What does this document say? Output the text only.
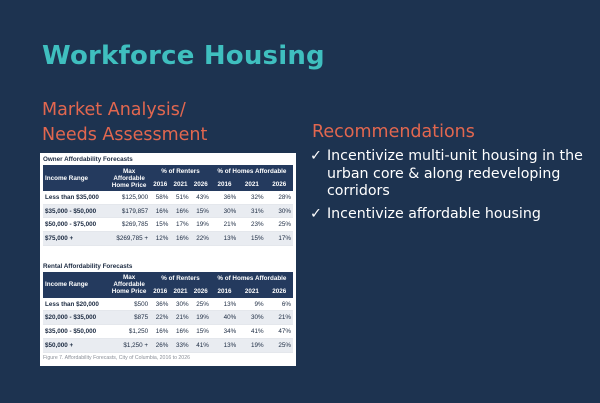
Workforce Housing
Market Analysis/
Needs Assessment	Recommendations
✓ Incentivize multi-unit housing in the urban core & along redeveloping corridors
✓ Incentivize affordable housing
Owner Affordability Forecasts
Income Range	Max Affordable Home Price	% of Renters			% of Homes Affordable		
		2016	2021	2026	2016	2021	2026
Less than $35,000	$125,900	58%	51%	43%	36%	32%	28%
$35,000 - $50,000	$179,857	16%	16%	15%	30%	31%	30%
$50,000 - $75,000	$269,785	15%	17%	19%	21%	23%	25%
$75,000 +	$269,785 +	12%	16%	22%	13%	15%	17%
Rental Affordability Forecasts
Income Range	Max Affordable Home Price	% of Renters			% of Homes Affordable		
		2016	2021	2026	2016	2021	2026
Less than $20,000	$500	36%	30%	25%	13%	9%	6%
$20,000 - $35,000	$875	22%	21%	19%	40%	30%	21%
$35,000 - $50,000	$1,250	16%	16%	15%	34%	41%	47%
$50,000 +	$1,250 +	26%	33%	41%	13%	19%	25%
Figure 7. Affordability Forecasts, City of Columbia, 2016 to 2026
